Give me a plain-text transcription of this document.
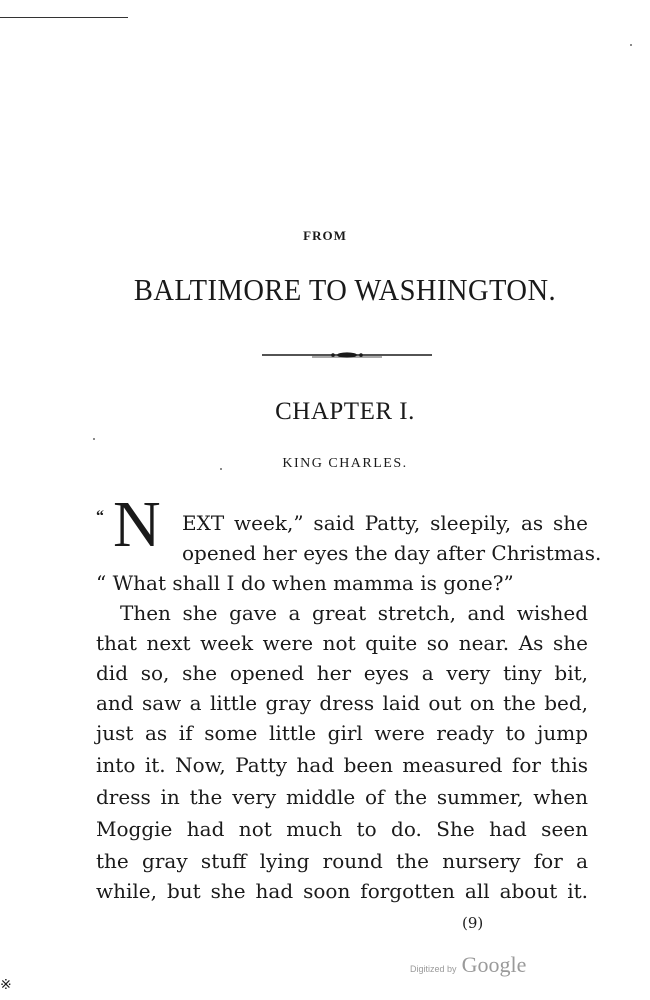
FROM
BALTIMORE TO WASHINGTON.
CHAPTER I.
KING CHARLES.
“ N EXT week,” said Patty, sleepily, as she
opened her eyes the day after Christmas.
“ What shall I do when mamma is gone?”
Then she gave a great stretch, and wished
that next week were not quite so near. As she
did so, she opened her eyes a very tiny bit,
and saw a little gray dress laid out on the bed,
just as if some little girl were ready to jump
into it. Now, Patty had been measured for this
dress in the very middle of the summer, when
Moggie had not much to do. She had seen
the gray stuff lying round the nursery for a
while, but she had soon forgotten all about it.
(9)
Digitized by Google
※
